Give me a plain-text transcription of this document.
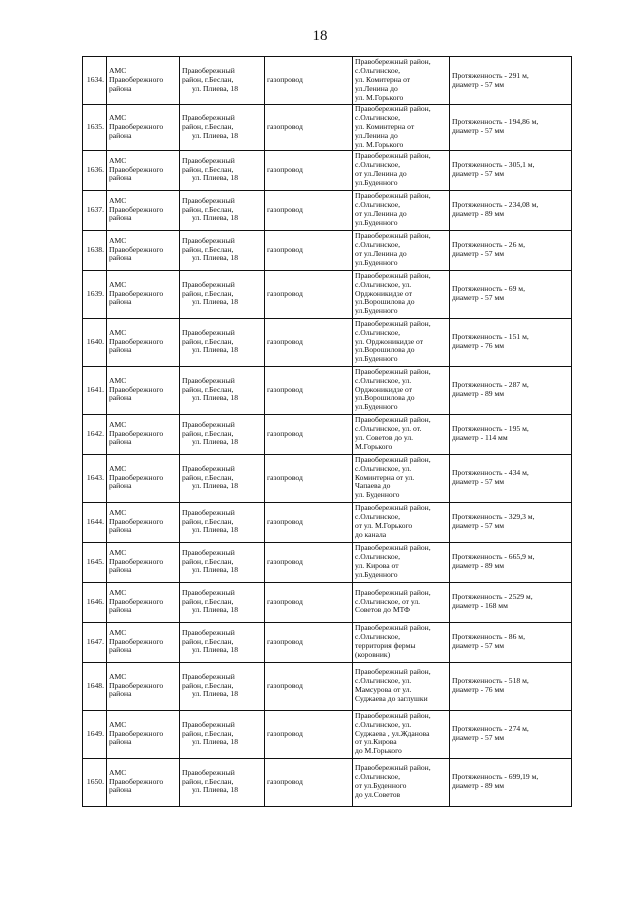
18
1634.	АМС
Правобережного
района	Правобережный
район, г.Беслан,
ул. Плиева, 18	газопровод	Правобережный район,
с.Ольгинское,
ул. Комитерна от
ул.Ленина до
ул. М.Горького	Протяженность - 291 м,
диаметр - 57 мм

1635.	АМС
Правобережного
района	Правобережный
район, г.Беслан,
ул. Плиева, 18	газопровод	Правобережный район,
с.Ольгинское,
ул. Коминтерна от
ул.Ленина до
ул. М.Горького	Протяженность - 194,86 м,
диаметр - 57 мм

1636.	АМС
Правобережного
района	Правобережный
район, г.Беслан,
ул. Плиева, 18	газопровод	Правобережный район,
с.Ольгинское,
от ул.Ленина до
ул.Буденного	Протяженность - 305,1 м,
диаметр - 57 мм

1637.	АМС
Правобережного
района	Правобережный
район, г.Беслан,
ул. Плиева, 18	газопровод	Правобережный район,
с.Ольгинское,
от ул.Ленина до
ул.Буденного	Протяженность - 234,08 м,
диаметр - 89 мм

1638.	АМС
Правобережного
района	Правобережный
район, г.Беслан,
ул. Плиева, 18	газопровод	Правобережный район,
с.Ольгинское,
от ул.Ленина до
ул.Буденного	Протяженность - 26 м,
диаметр - 57 мм

1639.	АМС
Правобережного
района	Правобережный
район, г.Беслан,
ул. Плиева, 18	газопровод	Правобережный район,
с.Ольгинское, ул.
Орджоникидзе от
ул.Ворошилова до
ул.Буденного	Протяженность - 69 м,
диаметр - 57 мм

1640.	АМС
Правобережного
района	Правобережный
район, г.Беслан,
ул. Плиева, 18	газопровод	Правобережный район,
с.Ольгинское,
ул. Орджоникидзе от
ул.Ворошилова до
ул.Буденного	Протяженность - 151 м,
диаметр - 76 мм

1641.	АМС
Правобережного
района	Правобережный
район, г.Беслан,
ул. Плиева, 18	газопровод	Правобережный район,
с.Ольгинское, ул.
Орджоникидзе от
ул.Ворошилова до
ул.Буденного	Протяженность - 287 м,
диаметр - 89 мм

1642.	АМС
Правобережного
района	Правобережный
район, г.Беслан,
ул. Плиева, 18	газопровод	Правобережный район,
с.Ольгинское, ул. от.
ул. Советов до ул.
М.Горького	Протяженность - 195 м,
диаметр - 114 мм

1643.	АМС
Правобережного
района	Правобережный
район, г.Беслан,
ул. Плиева, 18	газопровод	Правобережный район,
с.Ольгинское, ул.
Коминтерна от ул.
Чапаева до
ул. Буденного	Протяженность - 434 м,
диаметр - 57 мм

1644.	АМС
Правобережного
района	Правобережный
район, г.Беслан,
ул. Плиева, 18	газопровод	Правобережный район,
с.Ольгинское,
от ул. М.Горького
до канала	Протяженность - 329,3 м,
диаметр - 57 мм

1645.	АМС
Правобережного
района	Правобережный
район, г.Беслан,
ул. Плиева, 18	газопровод	Правобережный район,
с.Ольгинское,
ул. Кирова от
ул.Буденного	Протяженность - 665,9 м,
диаметр - 89 мм

1646.	АМС
Правобережного
района	Правобережный
район, г.Беслан,
ул. Плиева, 18	газопровод	Правобережный район,
с.Ольгинское, от ул.
Советов до МТФ	Протяженность - 2529 м,
диаметр - 168 мм

1647.	АМС
Правобережного
района	Правобережный
район, г.Беслан,
ул. Плиева, 18	газопровод	Правобережный район,
с.Ольгинское,
территория фермы
(коровник)	Протяженность - 86 м,
диаметр - 57 мм

1648.	АМС
Правобережного
района	Правобережный
район, г.Беслан,
ул. Плиева, 18	газопровод	Правобережный район,
с.Ольгинское, ул.
Мамсурова от ул.
Суджаева до заглушки	Протяженность - 518 м,
диаметр - 76 мм

1649.	АМС
Правобережного
района	Правобережный
район, г.Беслан,
ул. Плиева, 18	газопровод	Правобережный район,
с.Ольгинское, ул.
Суджаева , ул.Жданова
от ул.Кирова
до М.Горького	Протяженность - 274 м,
диаметр - 57 мм

1650.	АМС
Правобережного
района	Правобережный
район, г.Беслан,
ул. Плиева, 18	газопровод	Правобережный район,
с.Ольгинское,
от ул.Буденного
до ул.Советов	Протяженность - 699,19 м,
диаметр - 89 мм
